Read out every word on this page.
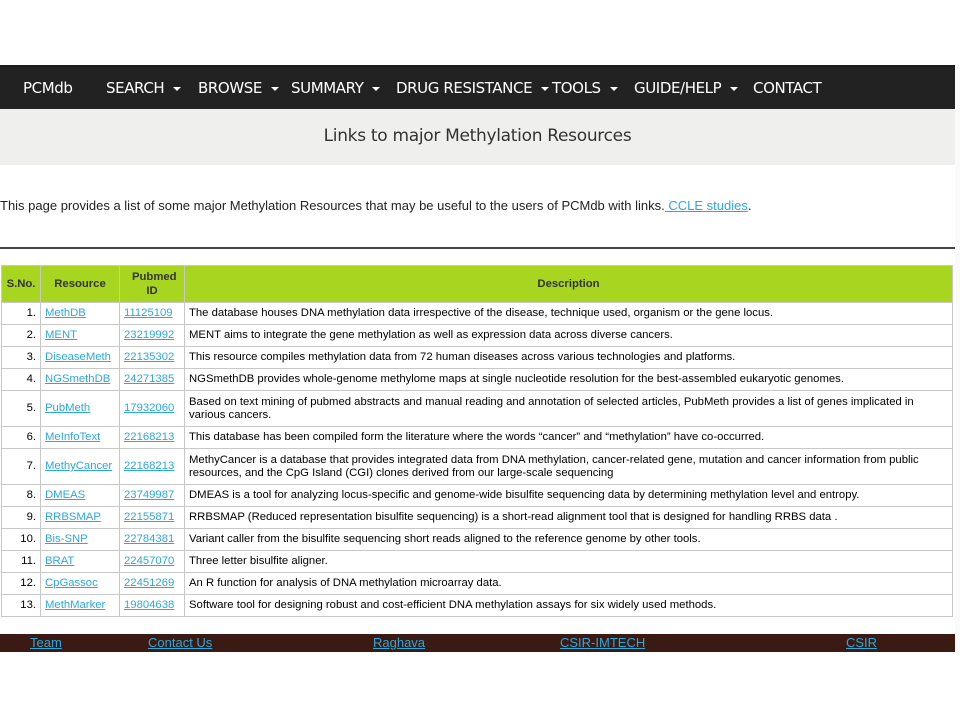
PCMdb SEARCH BROWSE SUMMARY DRUG RESISTANCE TOOLS GUIDE/HELP CONTACT
Links to major Methylation Resources
This page provides a list of some major Methylation Resources that may be useful to the users of PCMdb with links. CCLE studies.
S.No.	Resource	Pubmed ID	Description
1.	MethDB	11125109	The database houses DNA methylation data irrespective of the disease, technique used, organism or the gene locus.
2.	MENT	23219992	MENT aims to integrate the gene methylation as well as expression data across diverse cancers.
3.	DiseaseMeth	22135302	This resource compiles methylation data from 72 human diseases across various technologies and platforms.
4.	NGSmethDB	24271385	NGSmethDB provides whole-genome methylome maps at single nucleotide resolution for the best-assembled eukaryotic genomes.
5.	PubMeth	17932060	Based on text mining of pubmed abstracts and manual reading and annotation of selected articles, PubMeth provides a list of genes implicated in various cancers.
6.	MeInfoText	22168213	This database has been compiled form the literature where the words “cancer” and “methylation” have co-occurred.
7.	MethyCancer	22168213	MethyCancer is a database that provides integrated data from DNA methylation, cancer-related gene, mutation and cancer information from public resources, and the CpG Island (CGI) clones derived from our large-scale sequencing
8.	DMEAS	23749987	DMEAS is a tool for analyzing locus-specific and genome-wide bisulfite sequencing data by determining methylation level and entropy.
9.	RRBSMAP	22155871	RRBSMAP (Reduced representation bisulfite sequencing) is a short-read alignment tool that is designed for handling RRBS data .
10.	Bis-SNP	22784381	Variant caller from the bisulfite sequencing short reads aligned to the reference genome by other tools.
11.	BRAT	22457070	Three letter bisulfite aligner.
12.	CpGassoc	22451269	An R function for analysis of DNA methylation microarray data.
13.	MethMarker	19804638	Software tool for designing robust and cost-efficient DNA methylation assays for six widely used methods.
Team	Contact Us	Raghava	CSIR-IMTECH	CSIR
